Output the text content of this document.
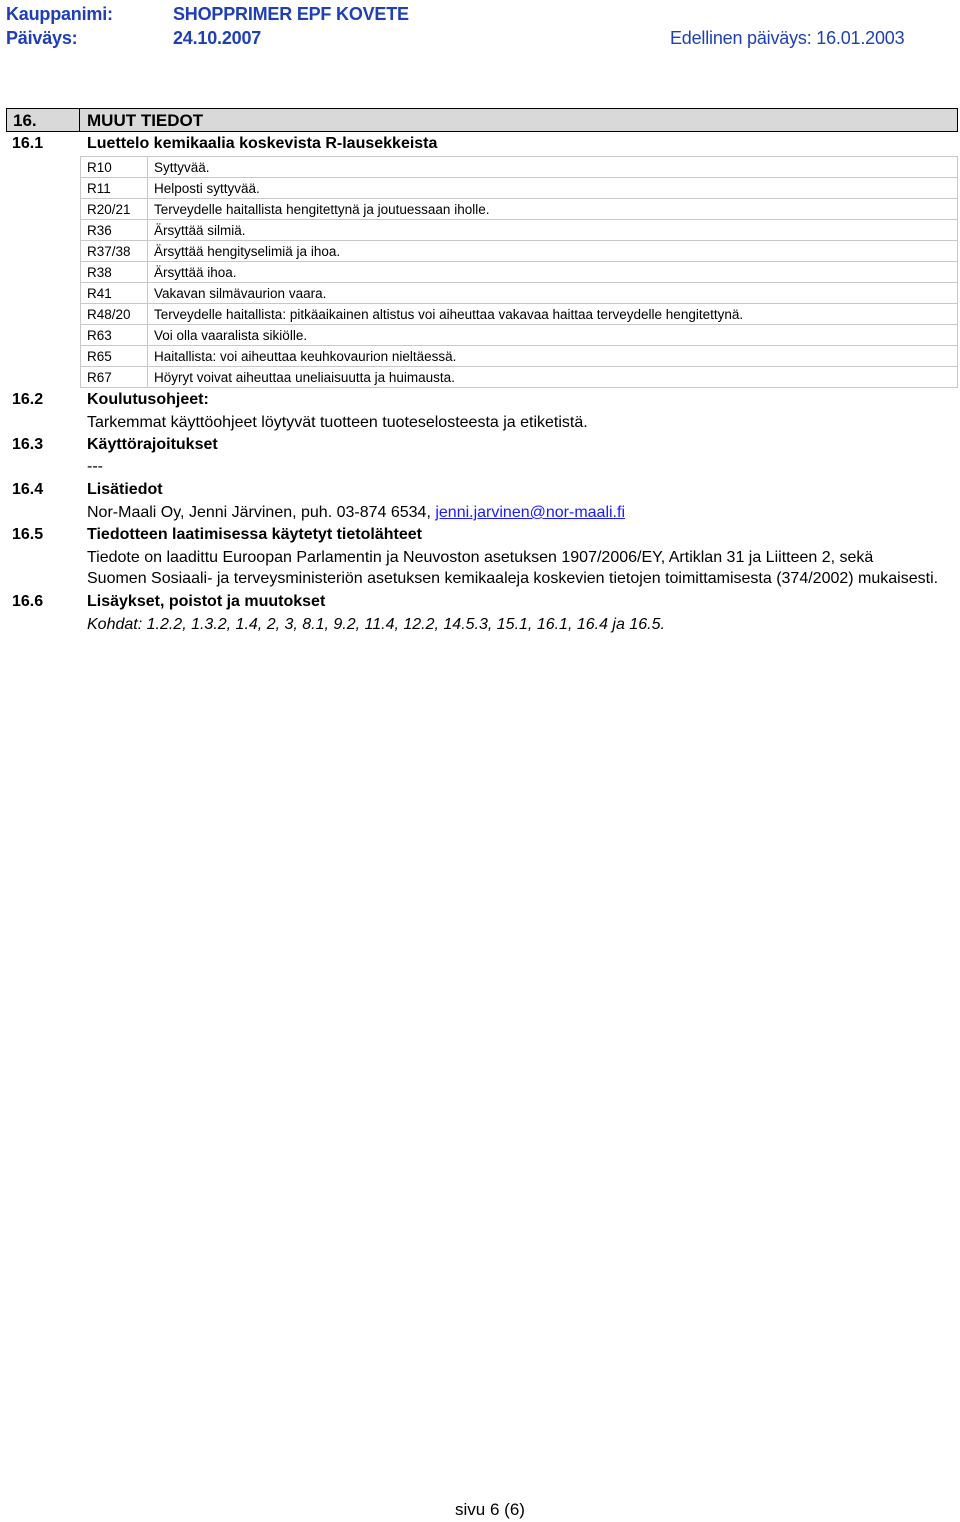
Kauppanimi:	SHOPPRIMER EPF KOVETE
Päiväys:	24.10.2007	Edellinen päiväys: 16.01.2003
16.	MUUT TIEDOT
16.1	Luettelo kemikaalia koskevista R-lausekkeista
R10	Syttyvää.
R11	Helposti syttyvää.
R20/21	Terveydelle haitallista hengitettynä ja joutuessaan iholle.
R36	Ärsyttää silmiä.
R37/38	Ärsyttää hengityselimiä ja ihoa.
R38	Ärsyttää ihoa.
R41	Vakavan silmävaurion vaara.
R48/20	Terveydelle haitallista: pitkäaikainen altistus voi aiheuttaa vakavaa haittaa terveydelle hengitettynä.
R63	Voi olla vaaralista sikiölle.
R65	Haitallista: voi aiheuttaa keuhkovaurion nieltäessä.
R67	Höyryt voivat aiheuttaa uneliaisuutta ja huimausta.
16.2	Koulutusohjeet:
Tarkemmat käyttöohjeet löytyvät tuotteen tuoteselosteesta ja etiketistä.
16.3	Käyttörajoitukset
---
16.4	Lisätiedot
Nor-Maali Oy, Jenni Järvinen, puh. 03-874 6534, jenni.jarvinen@nor-maali.fi
16.5	Tiedotteen laatimisessa käytetyt tietolähteet
Tiedote on laadittu Euroopan Parlamentin ja Neuvoston asetuksen 1907/2006/EY, Artiklan 31 ja Liitteen 2, sekä
Suomen Sosiaali- ja terveysministeriön asetuksen kemikaaleja koskevien tietojen toimittamisesta (374/2002) mukaisesti.
16.6	Lisäykset, poistot ja muutokset
Kohdat: 1.2.2, 1.3.2, 1.4, 2, 3, 8.1, 9.2, 11.4, 12.2, 14.5.3, 15.1, 16.1, 16.4 ja 16.5.
sivu 6 (6)
